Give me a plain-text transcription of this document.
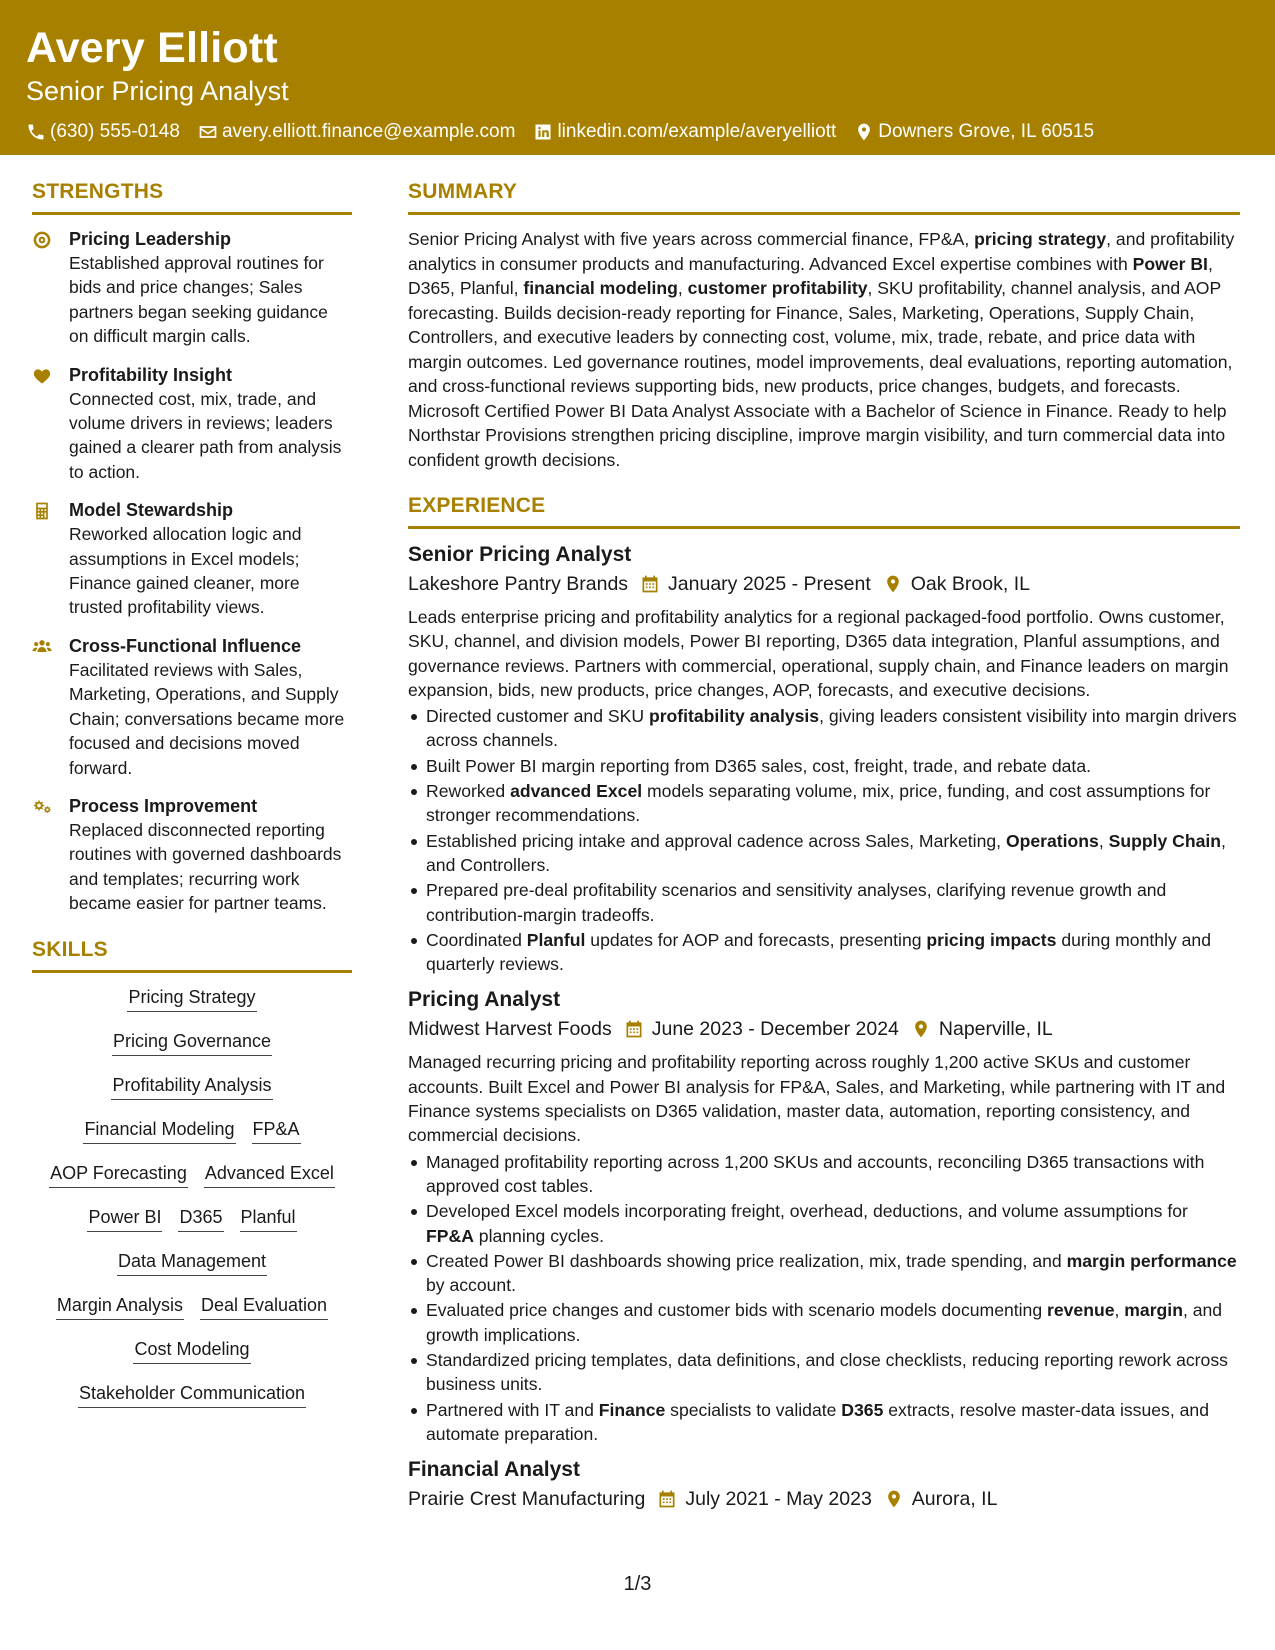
Avery Elliott
Senior Pricing Analyst
(630) 555-0148 avery.elliott.finance@example.com linkedin.com/example/averyelliott Downers Grove, IL 60515
STRENGTHS
Pricing Leadership
Established approval routines for bids and price changes; Sales partners began seeking guidance on difficult margin calls.
Profitability Insight
Connected cost, mix, trade, and volume drivers in reviews; leaders gained a clearer path from analysis to action.
Model Stewardship
Reworked allocation logic and assumptions in Excel models; Finance gained cleaner, more trusted profitability views.
Cross-Functional Influence
Facilitated reviews with Sales, Marketing, Operations, and Supply Chain; conversations became more focused and decisions moved forward.
Process Improvement
Replaced disconnected reporting routines with governed dashboards and templates; recurring work became easier for partner teams.
SKILLS
Pricing Strategy
Pricing Governance
Profitability Analysis
Financial Modeling FP&A
AOP Forecasting Advanced Excel
Power BI D365 Planful
Data Management
Margin Analysis Deal Evaluation
Cost Modeling
Stakeholder Communication
SUMMARY
Senior Pricing Analyst with five years across commercial finance, FP&A, pricing strategy, and profitability analytics in consumer products and manufacturing. Advanced Excel expertise combines with Power BI, D365, Planful, financial modeling, customer profitability, SKU profitability, channel analysis, and AOP forecasting. Builds decision-ready reporting for Finance, Sales, Marketing, Operations, Supply Chain, Controllers, and executive leaders by connecting cost, volume, mix, trade, rebate, and price data with margin outcomes. Led governance routines, model improvements, deal evaluations, reporting automation, and cross-functional reviews supporting bids, new products, price changes, budgets, and forecasts. Microsoft Certified Power BI Data Analyst Associate with a Bachelor of Science in Finance. Ready to help Northstar Provisions strengthen pricing discipline, improve margin visibility, and turn commercial data into confident growth decisions.
EXPERIENCE
Senior Pricing Analyst
Lakeshore Pantry Brands January 2025 - Present Oak Brook, IL
Leads enterprise pricing and profitability analytics for a regional packaged-food portfolio. Owns customer, SKU, channel, and division models, Power BI reporting, D365 data integration, Planful assumptions, and governance reviews. Partners with commercial, operational, supply chain, and Finance leaders on margin expansion, bids, new products, price changes, AOP, forecasts, and executive decisions.
Directed customer and SKU profitability analysis, giving leaders consistent visibility into margin drivers across channels.
Built Power BI margin reporting from D365 sales, cost, freight, trade, and rebate data.
Reworked advanced Excel models separating volume, mix, price, funding, and cost assumptions for stronger recommendations.
Established pricing intake and approval cadence across Sales, Marketing, Operations, Supply Chain, and Controllers.
Prepared pre-deal profitability scenarios and sensitivity analyses, clarifying revenue growth and contribution-margin tradeoffs.
Coordinated Planful updates for AOP and forecasts, presenting pricing impacts during monthly and quarterly reviews.
Pricing Analyst
Midwest Harvest Foods June 2023 - December 2024 Naperville, IL
Managed recurring pricing and profitability reporting across roughly 1,200 active SKUs and customer accounts. Built Excel and Power BI analysis for FP&A, Sales, and Marketing, while partnering with IT and Finance systems specialists on D365 validation, master data, automation, reporting consistency, and commercial decisions.
Managed profitability reporting across 1,200 SKUs and accounts, reconciling D365 transactions with approved cost tables.
Developed Excel models incorporating freight, overhead, deductions, and volume assumptions for FP&A planning cycles.
Created Power BI dashboards showing price realization, mix, trade spending, and margin performance by account.
Evaluated price changes and customer bids with scenario models documenting revenue, margin, and growth implications.
Standardized pricing templates, data definitions, and close checklists, reducing reporting rework across business units.
Partnered with IT and Finance specialists to validate D365 extracts, resolve master-data issues, and automate preparation.
Financial Analyst
Prairie Crest Manufacturing July 2021 - May 2023 Aurora, IL
1/3
